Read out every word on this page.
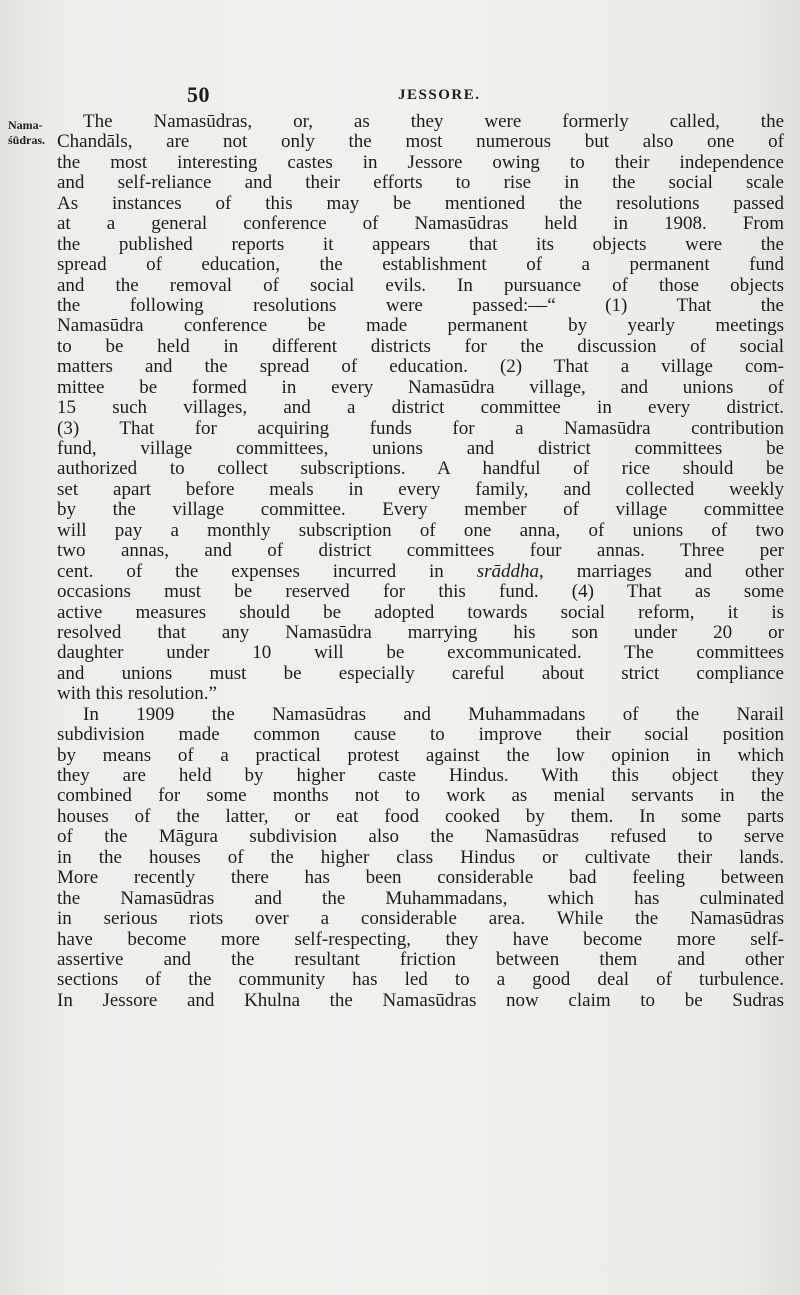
50	JESSORE.
Nama-
śūdras.
The Namasūdras, or, as they were formerly called, the
Chandāls, are not only the most numerous but also one of
the most interesting castes in Jessore owing to their independence
and self-reliance and their efforts to rise in the social scale
As instances of this may be mentioned the resolutions passed
at a general conference of Namasūdras held in 1908. From
the published reports it appears that its objects were the
spread of education, the establishment of a permanent fund
and the removal of social evils. In pursuance of those objects
the following resolutions were passed:—“ (1) That the
Namasūdra conference be made permanent by yearly meetings
to be held in different districts for the discussion of social
matters and the spread of education. (2) That a village com-
mittee be formed in every Namasūdra village, and unions of
15 such villages, and a district committee in every district.
(3) That for acquiring funds for a Namasūdra contribution
fund, village committees, unions and district committees be
authorized to collect subscriptions. A handful of rice should be
set apart before meals in every family, and collected weekly
by the village committee. Every member of village committee
will pay a monthly subscription of one anna, of unions of two
two annas, and of district committees four annas. Three per
cent. of the expenses incurred in srāddha, marriages and other
occasions must be reserved for this fund. (4) That as some
active measures should be adopted towards social reform, it is
resolved that any Namasūdra marrying his son under 20 or
daughter under 10 will be excommunicated. The committees
and unions must be especially careful about strict compliance
with this resolution.”
In 1909 the Namasūdras and Muhammadans of the Narail
subdivision made common cause to improve their social position
by means of a practical protest against the low opinion in which
they are held by higher caste Hindus. With this object they
combined for some months not to work as menial servants in the
houses of the latter, or eat food cooked by them. In some parts
of the Māgura subdivision also the Namasūdras refused to serve
in the houses of the higher class Hindus or cultivate their lands.
More recently there has been considerable bad feeling between
the Namasūdras and the Muhammadans, which has culminated
in serious riots over a considerable area. While the Namasūdras
have become more self-respecting, they have become more self-
assertive and the resultant friction between them and other
sections of the community has led to a good deal of turbulence.
In Jessore and Khulna the Namasūdras now claim to be Sudras
